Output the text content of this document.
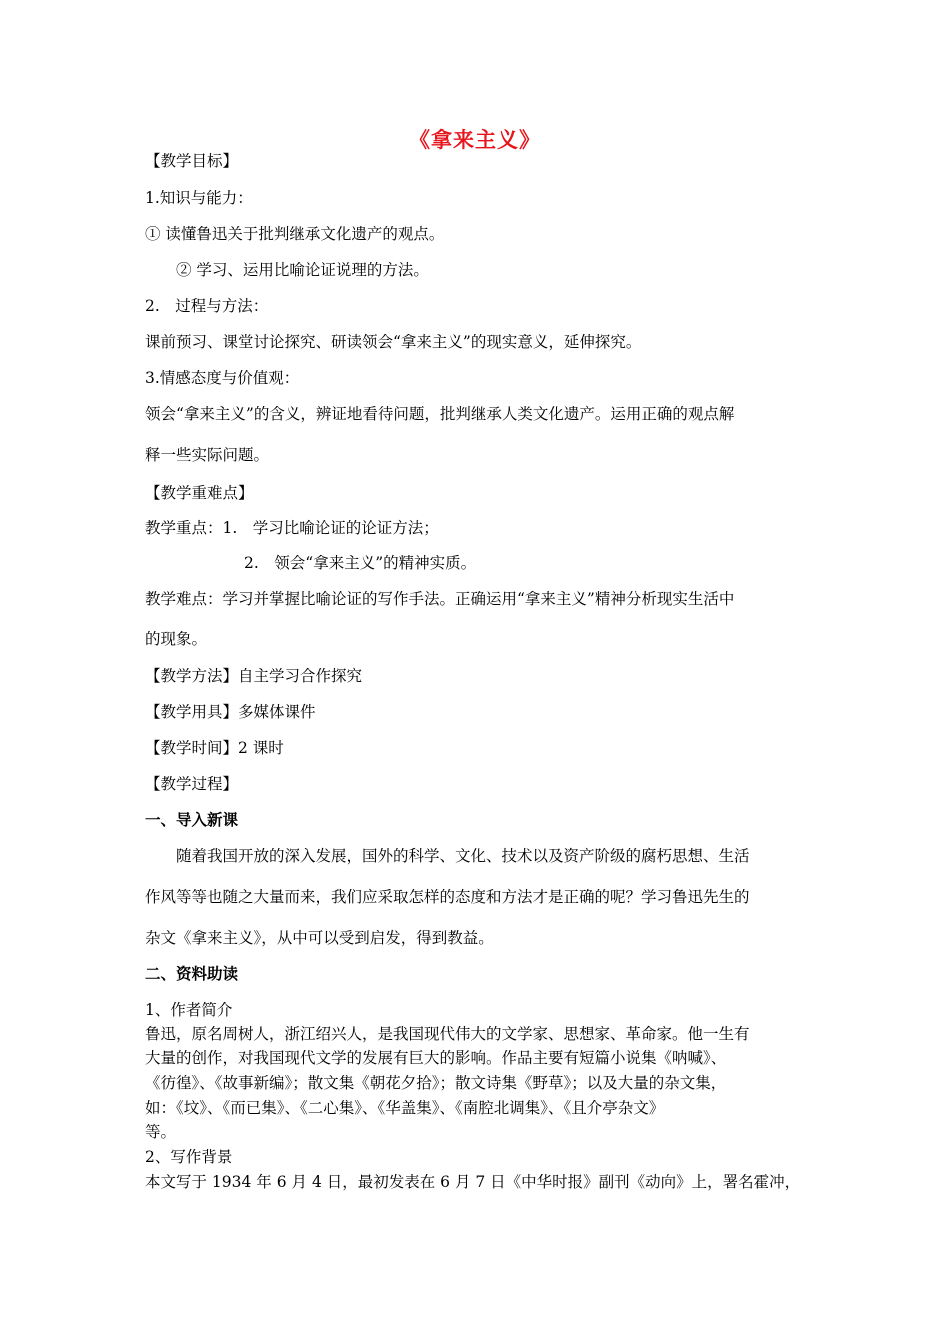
《拿来主义》
【教学目标】
1.知识与能力：
① 读懂鲁迅关于批判继承文化遗产的观点。
② 学习、运用比喻论证说理的方法。
2.　过程与方法：
课前预习、课堂讨论探究、研读领会“拿来主义”的现实意义，延伸探究。
3.情感态度与价值观：
领会“拿来主义”的含义，辨证地看待问题，批判继承人类文化遗产。运用正确的观点解
释一些实际问题。
【教学重难点】
教学重点：1.　学习比喻论证的论证方法；
2.　领会“拿来主义”的精神实质。
教学难点：学习并掌握比喻论证的写作手法。正确运用“拿来主义”精神分析现实生活中
的现象。
【教学方法】自主学习合作探究
【教学用具】多媒体课件
【教学时间】2 课时
【教学过程】
一、导入新课
随着我国开放的深入发展，国外的科学、文化、技术以及资产阶级的腐朽思想、生活
作风等等也随之大量而来，我们应采取怎样的态度和方法才是正确的呢？学习鲁迅先生的
杂文《拿来主义》，从中可以受到启发，得到教益。
二、资料助读
1、作者简介
鲁迅，原名周树人，浙江绍兴人，是我国现代伟大的文学家、思想家、革命家。他一生有
大量的创作，对我国现代文学的发展有巨大的影响。作品主要有短篇小说集《呐喊》、
《彷徨》、《故事新编》；散文集《朝花夕拾》；散文诗集《野草》；以及大量的杂文集，
如：《坟》、《而已集》、《二心集》、《华盖集》、《南腔北调集》、《且介亭杂文》
等。
2、写作背景
本文写于 1934 年 6 月 4 日，最初发表在 6 月 7 日《中华时报》副刊《动向》上，署名霍冲，
